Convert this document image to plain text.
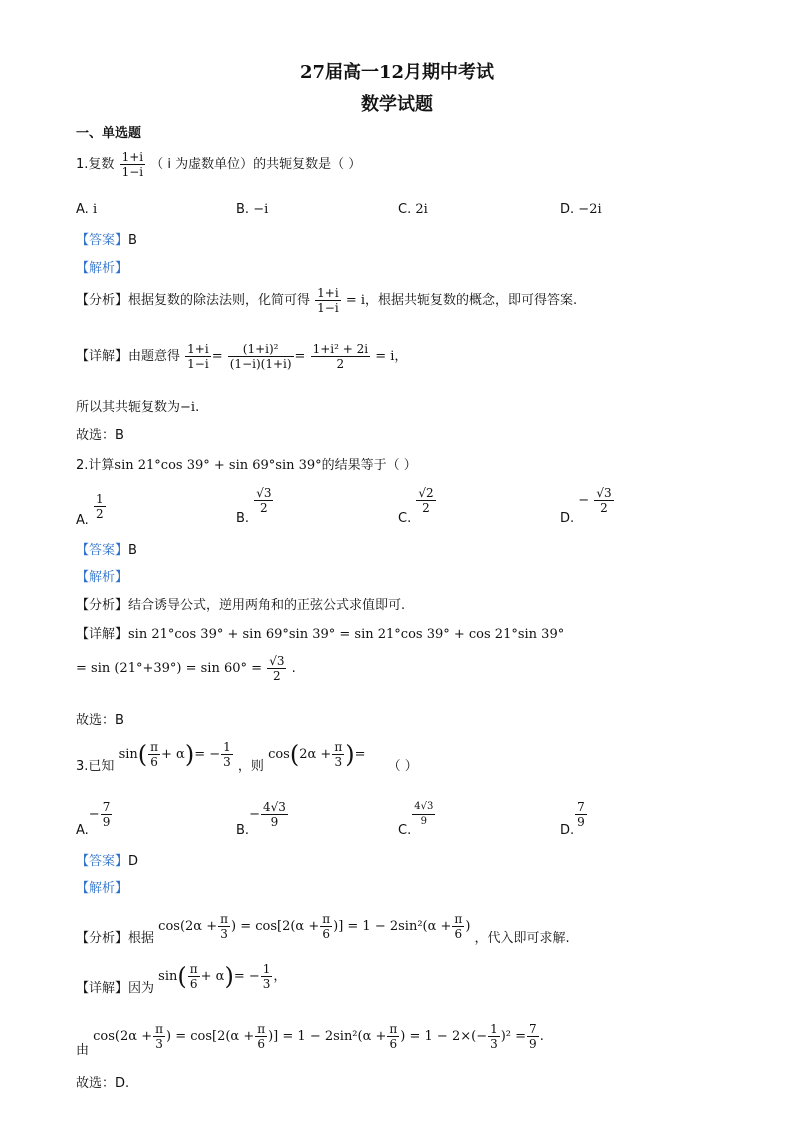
27届高一12月期中考试
数学试题
一、单选题
1.复数 $\frac{1+i}{1-i}$ （ i 为虚数单位）的共轭复数是（ ）
A. i	B. −i	C. 2i	D. −2i
【答案】B
【解析】
【分析】根据复数的除法法则，化简可得 $\frac{1+i}{1-i} = i$，根据共轭复数的概念，即可得答案.
【详解】由题意得 $\frac{1+i}{1-i} = \frac{\text{(1+i)²}}{(1-i)(1+i)} = \frac{\text{1+i² + 2i}}{2} = i$，
所以其共轭复数为−i.
故选：B
2.计算sin 21°cos 39° + sin 69°sin 39°的结果等于（ ）
A. $\frac{1}{2}$	B.
$\frac{√3}{2}$
C.
$\frac{√2}{2}$
D. − $\frac{√3}{2}$
【答案】B
【解析】
【分析】结合诱导公式，逆用两角和的正弦公式求值即可.
【详解】sin 21°cos 39° + sin 69°sin 39° = sin 21°cos 39° + cos 21°sin 39°
= $\sin (21^\circ+39^\circ) = \sin 60^\circ = \frac{√3}{2}$ .
故选：B
3.已知 $\sin( \frac{\pi}{6} + \alpha)= - \frac{1}{3}$ ，则 $\cos(2\alpha + \frac{\pi}{3}$ )= （ ）
$A.- \frac{7}{9}$
$B.- \frac{4√3}{9}$
C.
$\frac{4√3}{9}$
D.
$\frac{7}{9}$
【答案】D
【解析】
【分析】根据 $\cos(2\alpha + \frac{\pi}{3}$ ) = $\cos[2(\alpha + \frac{\pi}{6}$ )] = $1 - 2\sin^2(\alpha + \frac{\pi}{6}$ ) ，代入即可求解.
【详解】因为 $\sin( \frac{\pi}{6} + \alpha)= - \frac{1}{3}$ ，
由 $\cos(2\alpha + \frac{\pi}{3}$ ) = $\cos[2(\alpha + \frac{\pi}{6}$ )] = $1 - 2\sin^2(\alpha + \frac{\pi}{6}$ ) = $1 - 2\times(- \frac{1}{3} )^2 = \frac{7}{9}$ .
故选：D.
